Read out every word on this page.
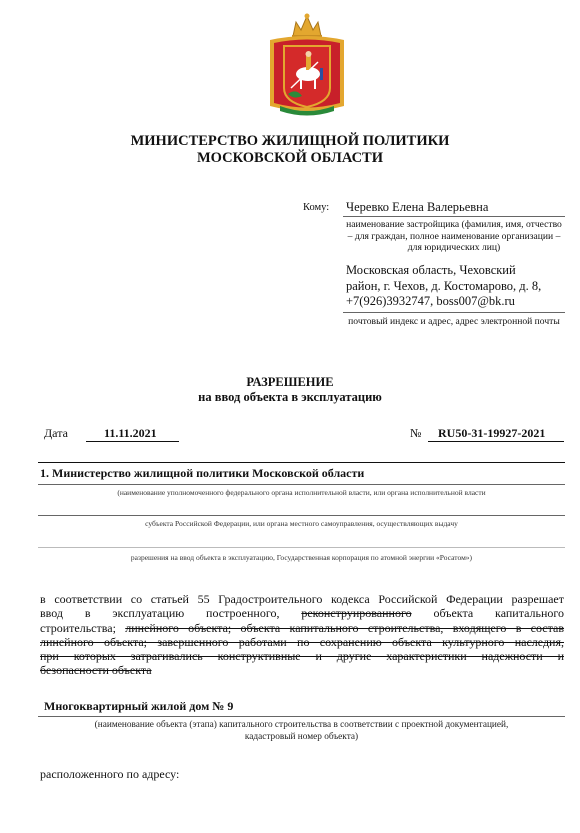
МИНИСТЕРСТВО ЖИЛИЩНОЙ ПОЛИТИКИ
МОСКОВСКОЙ ОБЛАСТИ
Кому: Черевко Елена Валерьевна
наименование застройщика (фамилия, имя, отчество – для граждан, полное наименование организации – для юридических лиц)
Московская область, Чеховский
район, г. Чехов, д. Костомарово, д. 8,
+7(926)3932747, boss007@bk.ru
почтовый индекс и адрес, адрес электронной почты
РАЗРЕШЕНИЕ
на ввод объекта в эксплуатацию
Дата	11.11.2021	№ RU50-31-19927-2021
1. Министерство жилищной политики Московской области
(наименование уполномоченного федерального органа исполнительной власти, или органа исполнительной власти
субъекта Российской Федерации, или органа местного самоуправления, осуществляющих выдачу
разрешения на ввод объекта в эксплуатацию, Государственная корпорация по атомной энергии «Росатом»)
в соответствии со статьей 55 Градостроительного кодекса Российской Федерации разрешает
ввод в эксплуатацию построенного, реконструированного объекта капитального
строительства; линейного объекта; объекта капитального строительства, входящего в состав
линейного объекта; завершенного работами по сохранению объекта культурного наследия,
при которых затрагивались конструктивные и другие характеристики надежности и
безопасности объекта
Многоквартирный жилой дом № 9
(наименование объекта (этапа) капитального строительства в соответствии с проектной документацией,
кадастровый номер объекта)
расположенного по адресу:
